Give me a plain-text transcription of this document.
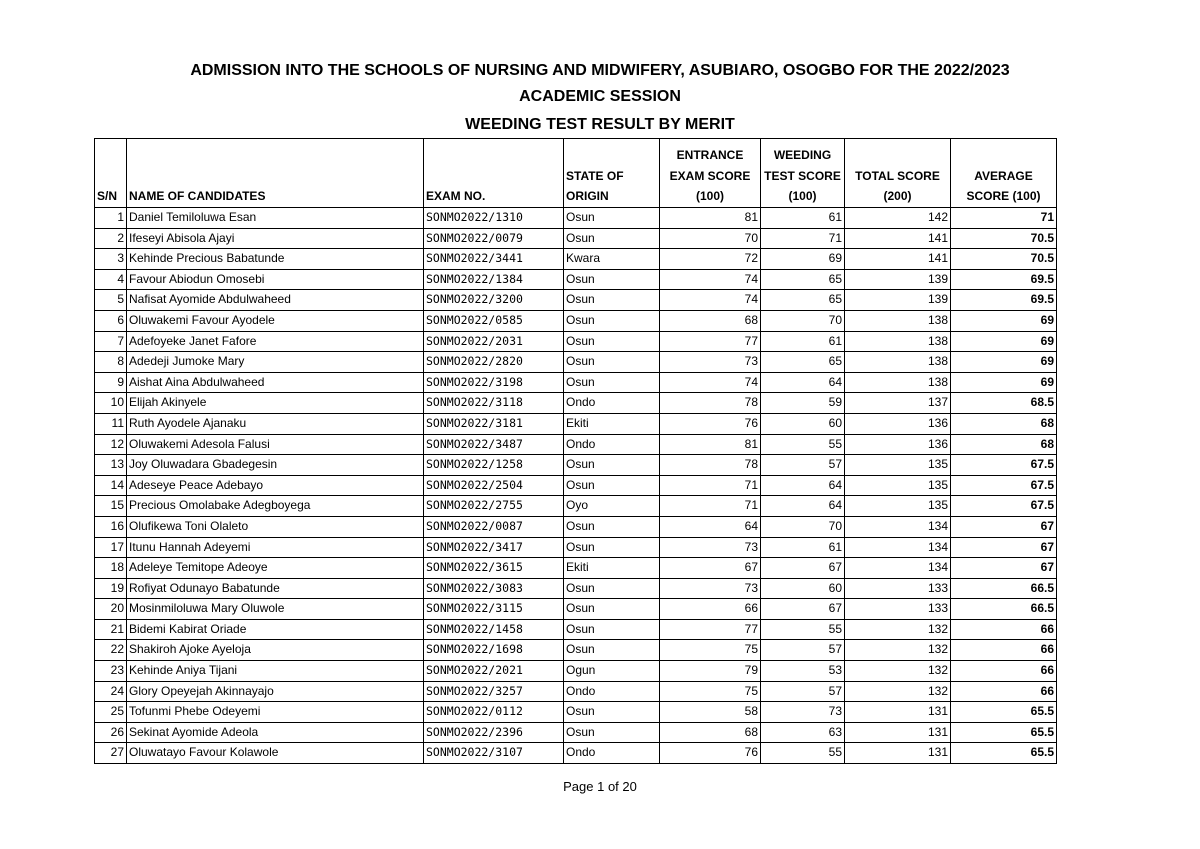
ADMISSION INTO THE SCHOOLS OF NURSING AND MIDWIFERY, ASUBIARO, OSOGBO FOR THE 2022/2023
ACADEMIC SESSION
WEEDING TEST RESULT BY MERIT
S/N	NAME OF CANDIDATES	EXAM NO.	STATE OF
ORIGIN	ENTRANCE
EXAM SCORE
(100)	WEEDING
TEST SCORE
(100)	TOTAL SCORE
(200)	AVERAGE
SCORE (100)
1	Daniel Temiloluwa Esan	SONMO2022/1310	Osun	81	61	142	71
2	Ifeseyi Abisola Ajayi	SONMO2022/0079	Osun	70	71	141	70.5
3	Kehinde Precious Babatunde	SONMO2022/3441	Kwara	72	69	141	70.5
4	Favour Abiodun Omosebi	SONMO2022/1384	Osun	74	65	139	69.5
5	Nafisat Ayomide Abdulwaheed	SONMO2022/3200	Osun	74	65	139	69.5
6	Oluwakemi Favour Ayodele	SONMO2022/0585	Osun	68	70	138	69
7	Adefoyeke Janet Fafore	SONMO2022/2031	Osun	77	61	138	69
8	Adedeji Jumoke Mary	SONMO2022/2820	Osun	73	65	138	69
9	Aishat Aina Abdulwaheed	SONMO2022/3198	Osun	74	64	138	69
10	Elijah Akinyele	SONMO2022/3118	Ondo	78	59	137	68.5
11	Ruth Ayodele Ajanaku	SONMO2022/3181	Ekiti	76	60	136	68
12	Oluwakemi Adesola Falusi	SONMO2022/3487	Ondo	81	55	136	68
13	Joy Oluwadara Gbadegesin	SONMO2022/1258	Osun	78	57	135	67.5
14	Adeseye Peace Adebayo	SONMO2022/2504	Osun	71	64	135	67.5
15	Precious Omolabake Adegboyega	SONMO2022/2755	Oyo	71	64	135	67.5
16	Olufikewa Toni Olaleto	SONMO2022/0087	Osun	64	70	134	67
17	Itunu Hannah Adeyemi	SONMO2022/3417	Osun	73	61	134	67
18	Adeleye Temitope Adeoye	SONMO2022/3615	Ekiti	67	67	134	67
19	Rofiyat Odunayo Babatunde	SONMO2022/3083	Osun	73	60	133	66.5
20	Mosinmiloluwa Mary Oluwole	SONMO2022/3115	Osun	66	67	133	66.5
21	Bidemi Kabirat Oriade	SONMO2022/1458	Osun	77	55	132	66
22	Shakiroh Ajoke Ayeloja	SONMO2022/1698	Osun	75	57	132	66
23	Kehinde Aniya Tijani	SONMO2022/2021	Ogun	79	53	132	66
24	Glory Opeyejah Akinnayajo	SONMO2022/3257	Ondo	75	57	132	66
25	Tofunmi Phebe Odeyemi	SONMO2022/0112	Osun	58	73	131	65.5
26	Sekinat Ayomide Adeola	SONMO2022/2396	Osun	68	63	131	65.5
27	Oluwatayo Favour Kolawole	SONMO2022/3107	Ondo	76	55	131	65.5
Page 1 of 20
